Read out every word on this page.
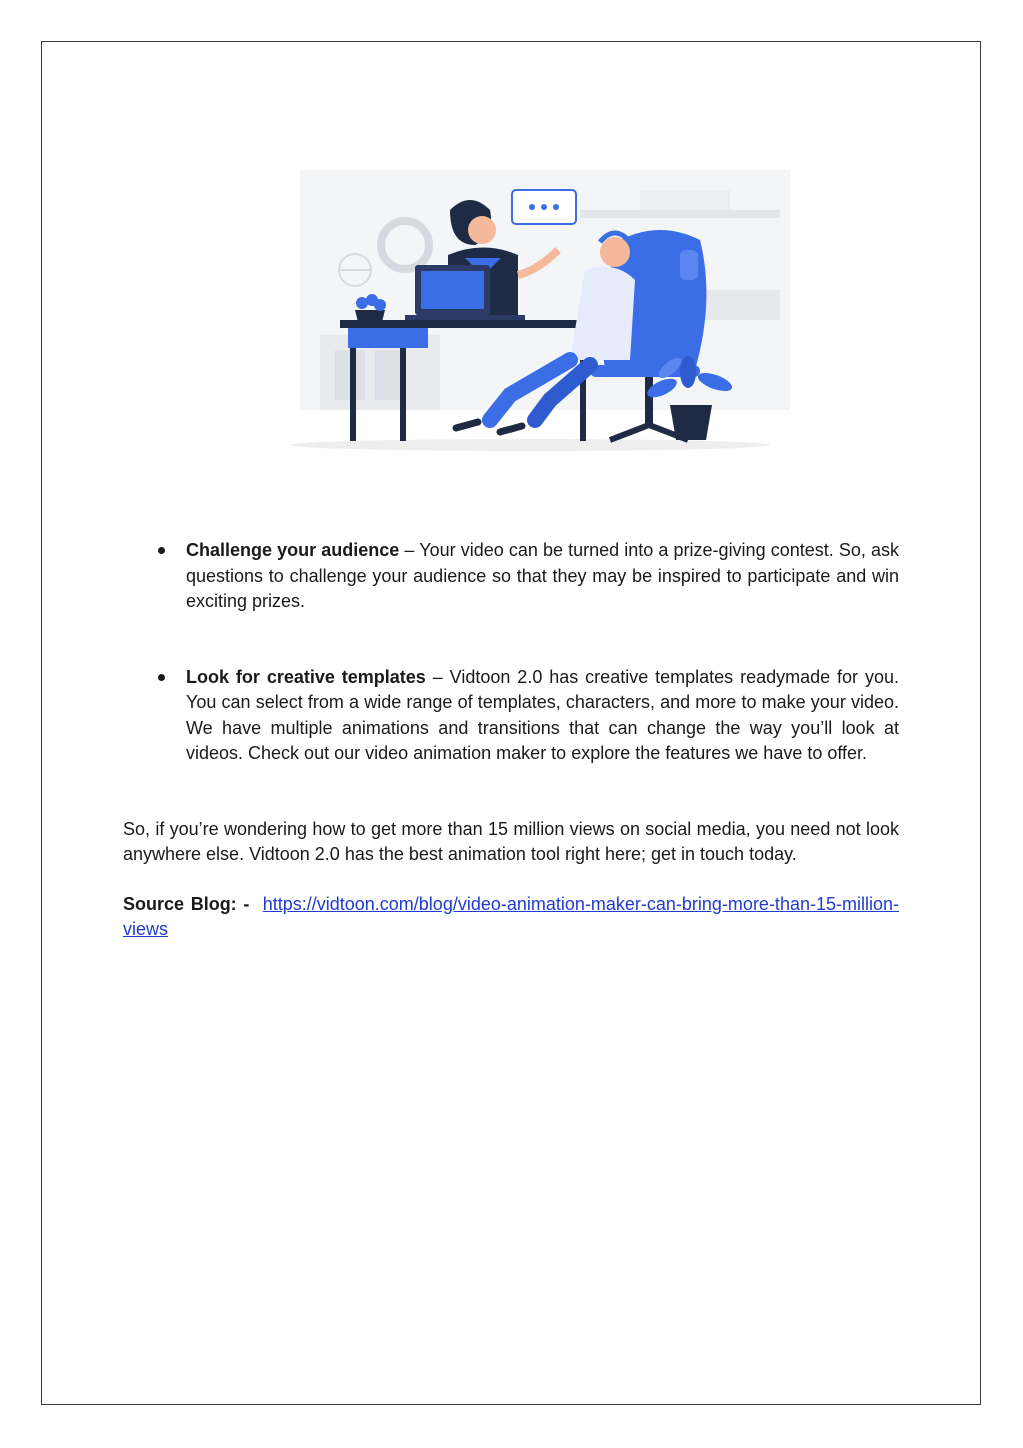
Challenge your audience – Your video can be turned into a prize-giving contest. So, ask questions to challenge your audience so that they may be inspired to participate and win exciting prizes.
Look for creative templates – Vidtoon 2.0 has creative templates readymade for you. You can select from a wide range of templates, characters, and more to make your video. We have multiple animations and transitions that can change the way you’ll look at videos. Check out our video animation maker to explore the features we have to offer.

So, if you’re wondering how to get more than 15 million views on social media, you need not look anywhere else. Vidtoon 2.0 has the best animation tool right here; get in touch today.

Source Blog: - https://vidtoon.com/blog/video-animation-maker-can-bring-more-than-15-million-views
